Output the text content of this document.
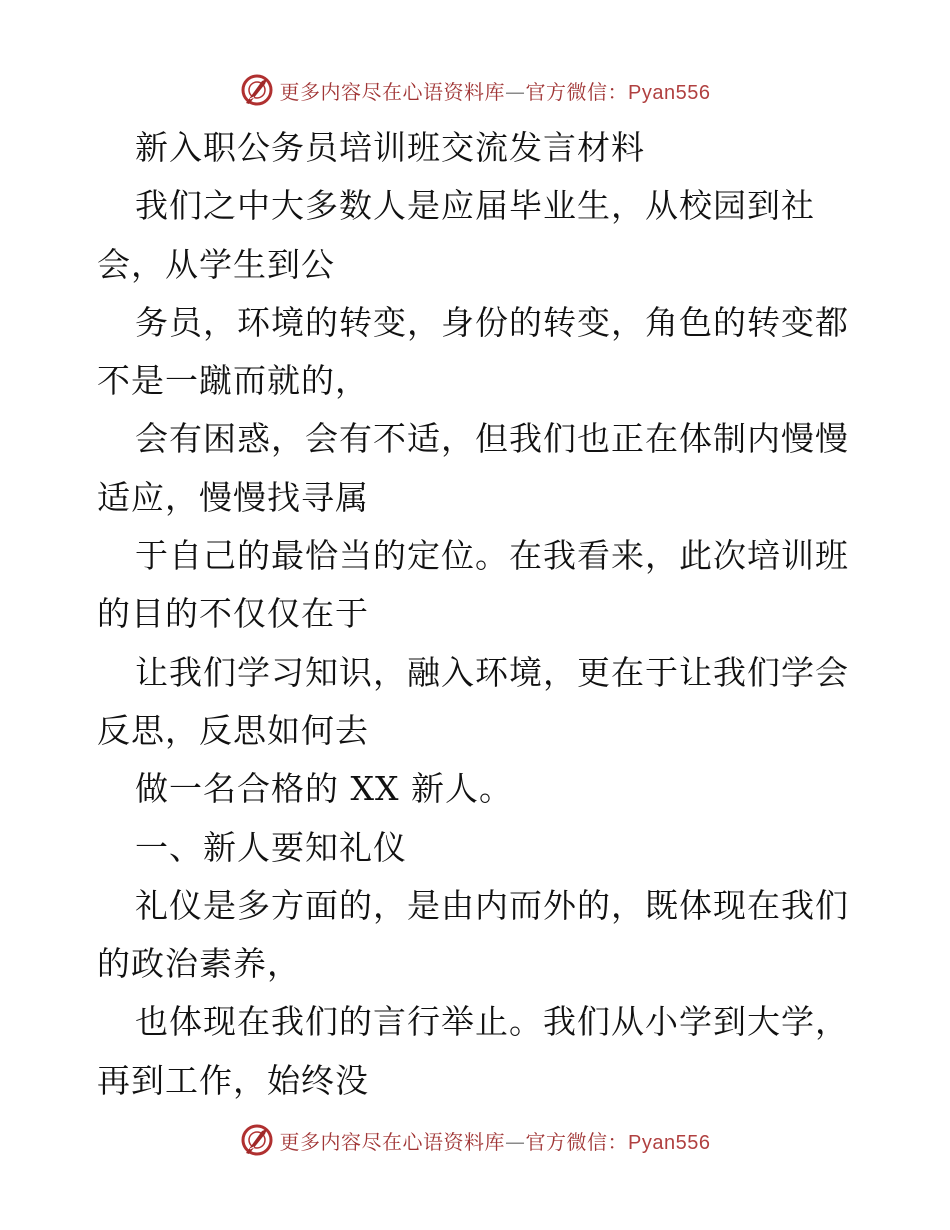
更多内容尽在心语资料库—官方微信：Pyan556
新入职公务员培训班交流发言材料
我们之中大多数人是应届毕业生，从校园到社
会，从学生到公
务员，环境的转变，身份的转变，角色的转变都
不是一蹴而就的，
会有困惑，会有不适，但我们也正在体制内慢慢
适应，慢慢找寻属
于自己的最恰当的定位。在我看来，此次培训班
的目的不仅仅在于
让我们学习知识，融入环境，更在于让我们学会
反思，反思如何去
做一名合格的 XX 新人。
一、新人要知礼仪
礼仪是多方面的，是由内而外的，既体现在我们
的政治素养，
也体现在我们的言行举止。我们从小学到大学，
再到工作，始终没
更多内容尽在心语资料库—官方微信：Pyan556
